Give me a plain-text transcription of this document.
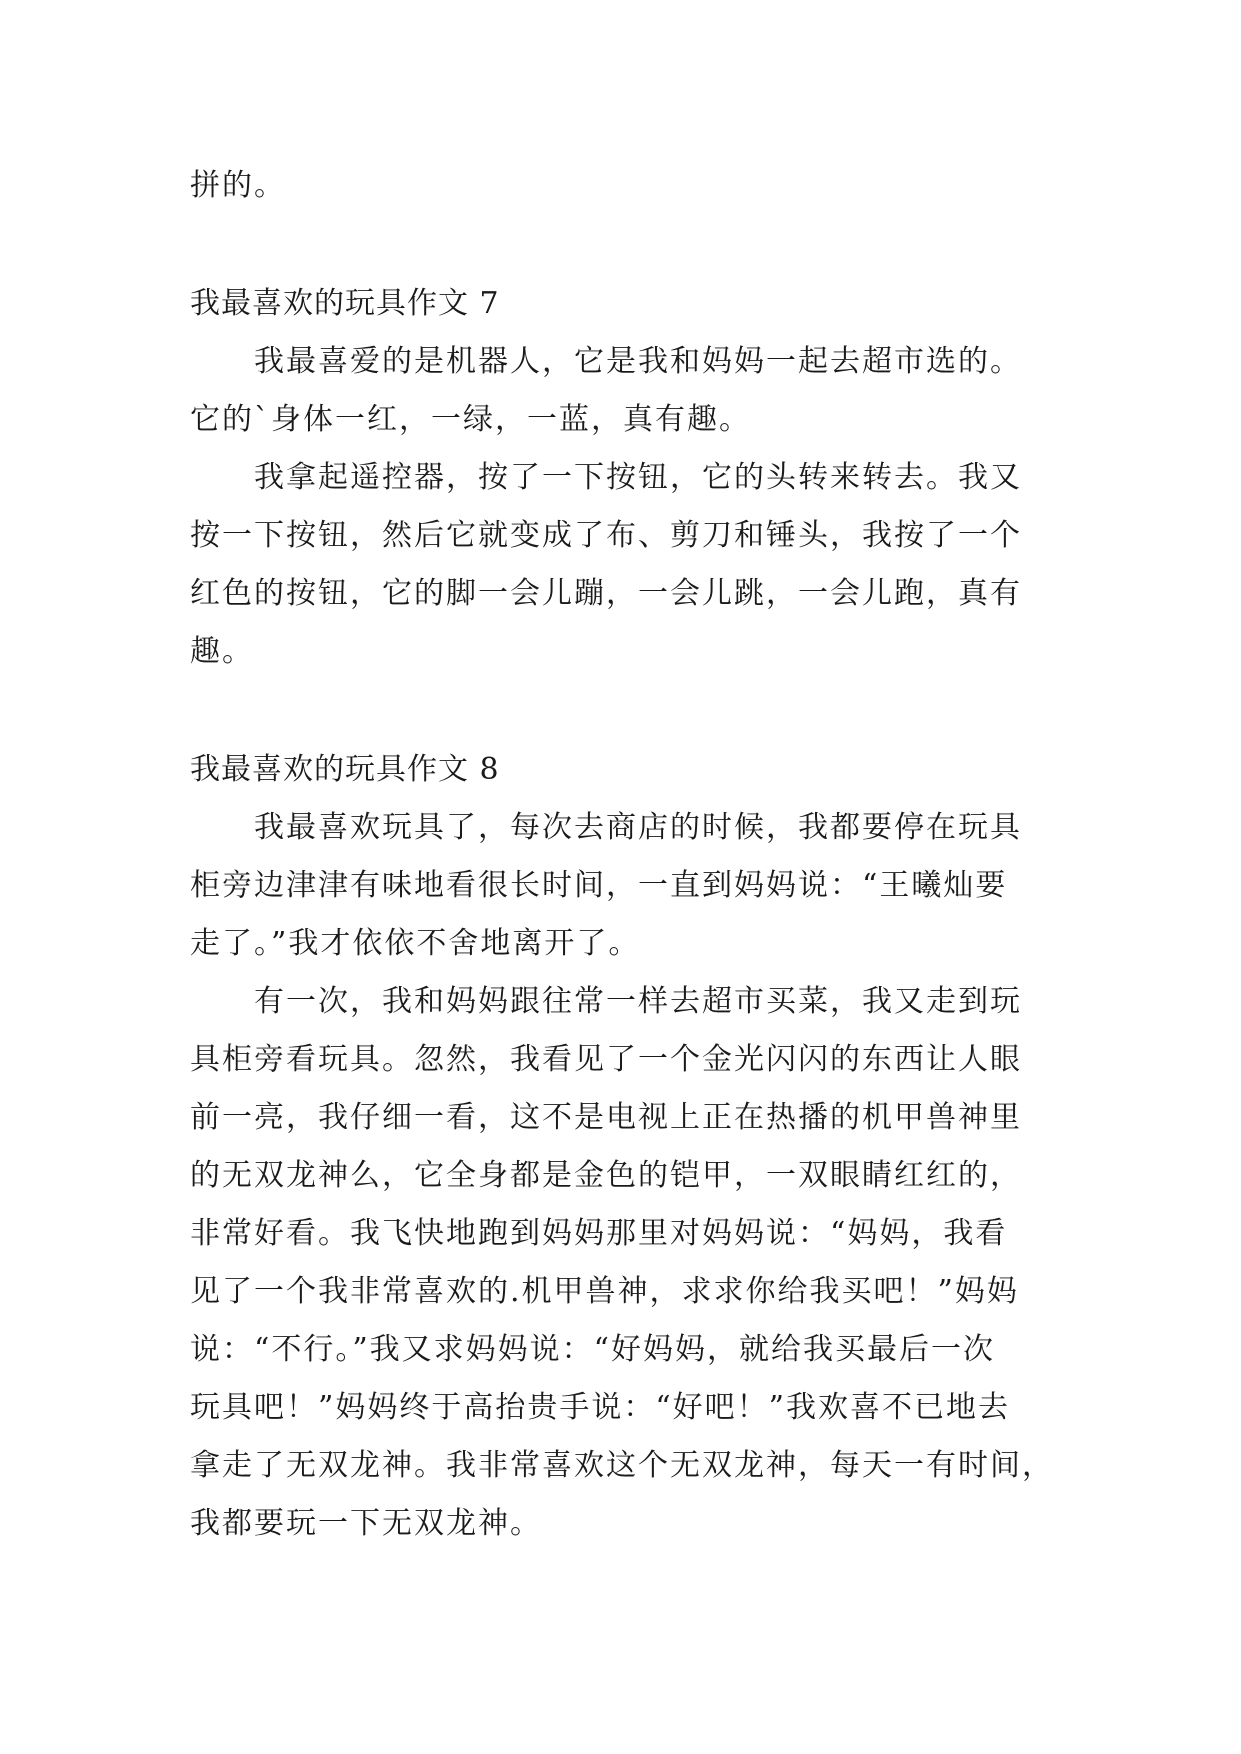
拼的。
我最喜欢的玩具作文 7
我最喜爱的是机器人，它是我和妈妈一起去超市选的。
它的`身体一红，一绿，一蓝，真有趣。
我拿起遥控器，按了一下按钮，它的头转来转去。我又
按一下按钮，然后它就变成了布、剪刀和锤头，我按了一个
红色的按钮，它的脚一会儿蹦，一会儿跳，一会儿跑，真有
趣。
我最喜欢的玩具作文 8
我最喜欢玩具了，每次去商店的时候，我都要停在玩具
柜旁边津津有味地看很长时间，一直到妈妈说：“王曦灿要
走了。”我才依依不舍地离开了。
有一次，我和妈妈跟往常一样去超市买菜，我又走到玩
具柜旁看玩具。忽然，我看见了一个金光闪闪的东西让人眼
前一亮，我仔细一看，这不是电视上正在热播的机甲兽神里
的无双龙神么，它全身都是金色的铠甲，一双眼睛红红的，
非常好看。我飞快地跑到妈妈那里对妈妈说：“妈妈，我看
见了一个我非常喜欢的.机甲兽神，求求你给我买吧！”妈妈
说：“不行。”我又求妈妈说：“好妈妈，就给我买最后一次
玩具吧！”妈妈终于高抬贵手说：“好吧！”我欢喜不已地去
拿走了无双龙神。我非常喜欢这个无双龙神，每天一有时间，
我都要玩一下无双龙神。
